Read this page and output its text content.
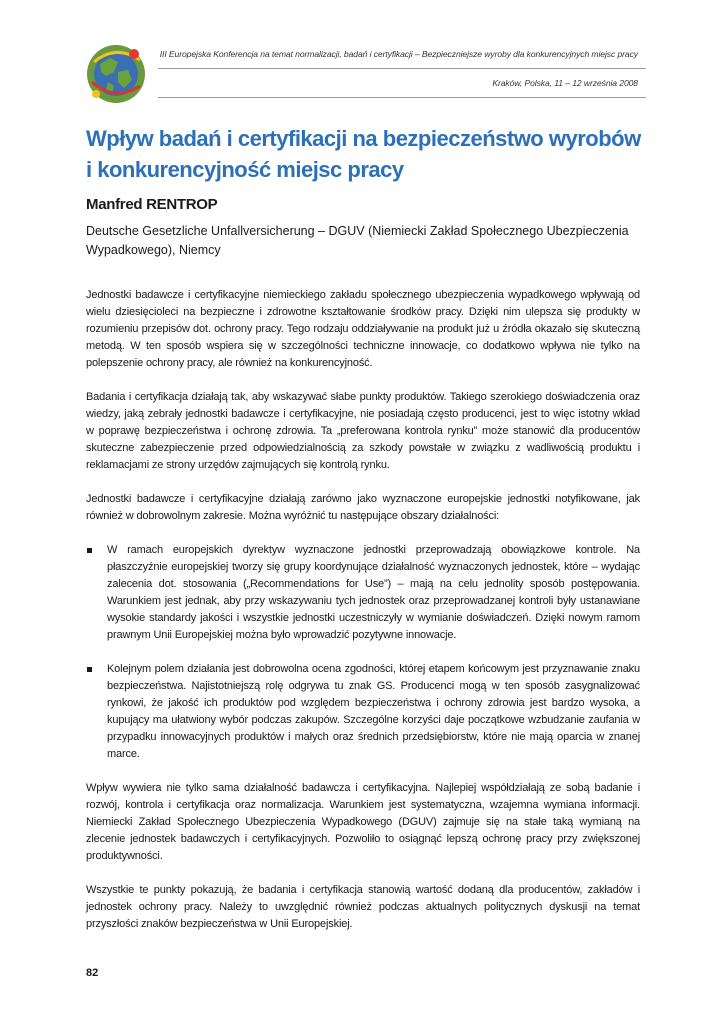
III Europejska Konferencja na temat normalizacji, badań i certyfikacji – Bezpieczniejsze wyroby dla konkurencyjnych miejsc pracy
Kraków, Polska, 11 – 12 września 2008
Wpływ badań i certyfikacji na bezpieczeństwo wyrobów
i konkurencyjność miejsc pracy
Manfred RENTROP
Deutsche Gesetzliche Unfallversicherung – DGUV (Niemiecki Zakład Społecznego Ubezpieczenia Wypadkowego), Niemcy

Jednostki badawcze i certyfikacyjne niemieckiego zakładu społecznego ubezpieczenia wypadkowego wpływają od wielu dziesięcioleci na bezpieczne i zdrowotne kształtowanie środków pracy. Dzięki nim ulepsza się produkty w rozumieniu przepisów dot. ochrony pracy. Tego rodzaju oddziaływanie na produkt już u źródła okazało się skuteczną metodą. W ten sposób wspiera się w szczególności techniczne innowacje, co dodatkowo wpływa nie tylko na polepszenie ochrony pracy, ale również na konkurencyjność.

Badania i certyfikacja działają tak, aby wskazywać słabe punkty produktów. Takiego szerokiego doświadczenia oraz wiedzy, jaką zebrały jednostki badawcze i certyfikacyjne, nie posiadają często producenci, jest to więc istotny wkład w poprawę bezpieczeństwa i ochronę zdrowia. Ta „preferowana kontrola rynku” może stanowić dla producentów skuteczne zabezpieczenie przed odpowiedzialnością za szkody powstałe w związku z wadliwością produktu i reklamacjami ze strony urzędów zajmujących się kontrolą rynku.

Jednostki badawcze i certyfikacyjne działają zarówno jako wyznaczone europejskie jednostki notyfikowane, jak również w dobrowolnym zakresie. Można wyróżnić tu następujące obszary działalności:

W ramach europejskich dyrektyw wyznaczone jednostki przeprowadzają obowiązkowe kontrole. Na płaszczyźnie europejskiej tworzy się grupy koordynujące działalność wyznaczonych jednostek, które – wydając zalecenia dot. stosowania („Recommendations for Use”) – mają na celu jednolity sposób postępowania. Warunkiem jest jednak, aby przy wskazywaniu tych jednostek oraz przeprowadzanej kontroli były ustanawiane wysokie standardy jakości i wszystkie jednostki uczestniczyły w wymianie doświadczeń. Dzięki nowym ramom prawnym Unii Europejskiej można było wprowadzić pozytywne innowacje.
Kolejnym polem działania jest dobrowolna ocena zgodności, której etapem końcowym jest przyznawanie znaku bezpieczeństwa. Najistotniejszą rolę odgrywa tu znak GS. Producenci mogą w ten sposób zasygnalizować rynkowi, że jakość ich produktów pod względem bezpieczeństwa i ochrony zdrowia jest bardzo wysoka, a kupujący ma ułatwiony wybór podczas zakupów. Szczególne korzyści daje początkowe wzbudzanie zaufania w przypadku innowacyjnych produktów i małych oraz średnich przedsiębiorstw, które nie mają oparcia w znanej marce.

Wpływ wywiera nie tylko sama działalność badawcza i certyfikacyjna. Najlepiej współdziałają ze sobą badanie i rozwój, kontrola i certyfikacja oraz normalizacja. Warunkiem jest systematyczna, wzajemna wymiana informacji. Niemiecki Zakład Społecznego Ubezpieczenia Wypadkowego (DGUV) zajmuje się na stałe taką wymianą na zlecenie jednostek badawczych i certyfikacyjnych. Pozwoliło to osiągnąć lepszą ochronę pracy przy zwiększonej produktywności.

Wszystkie te punkty pokazują, że badania i certyfikacja stanowią wartość dodaną dla producentów, zakładów i jednostek ochrony pracy. Należy to uwzględnić również podczas aktualnych politycznych dyskusji na temat przyszłości znaków bezpieczeństwa w Unii Europejskiej.

82
